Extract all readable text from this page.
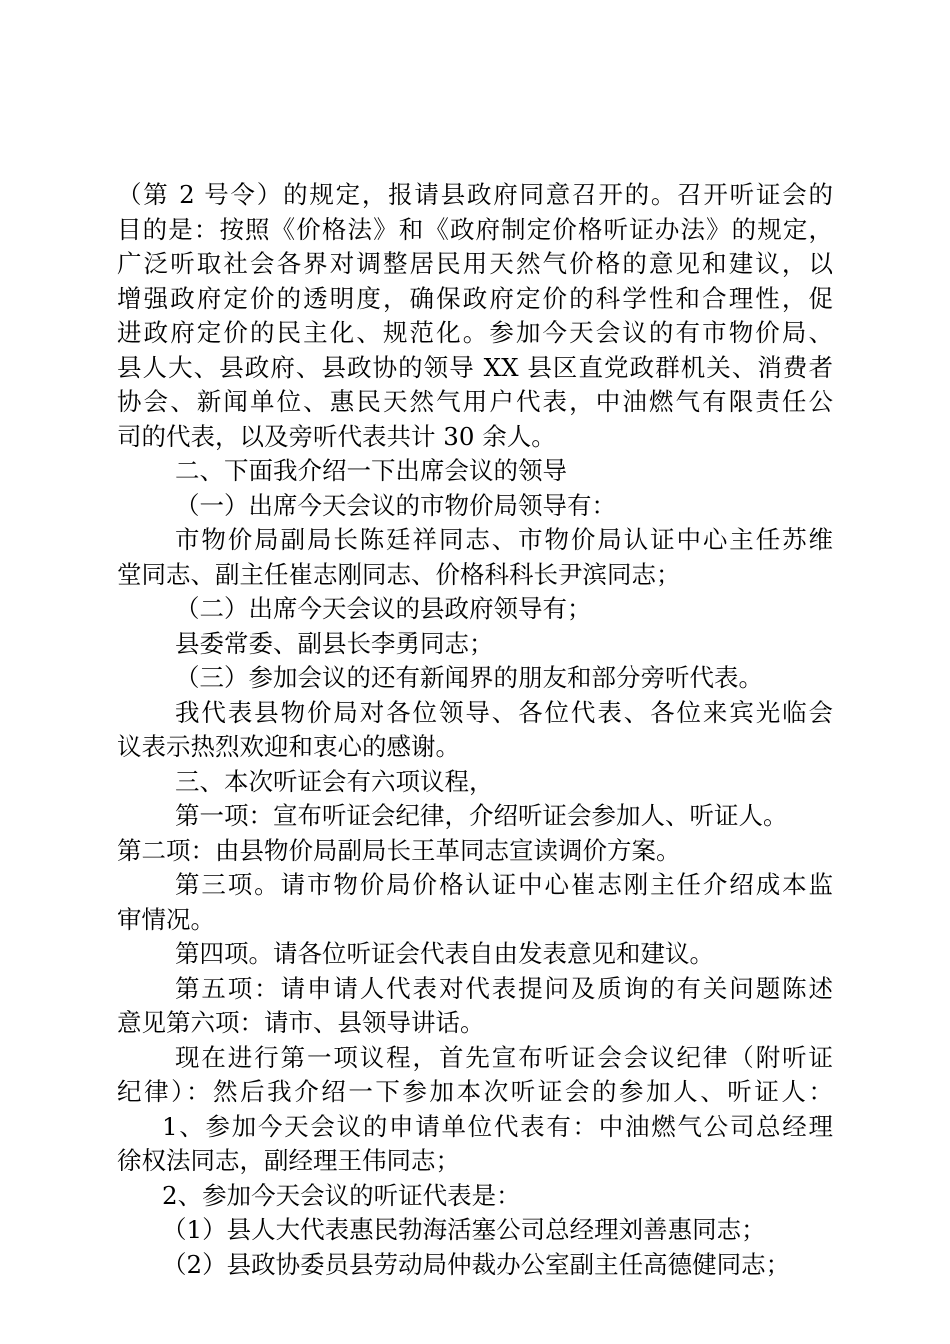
（第 2 号令）的规定，报请县政府同意召开的。召开听证会的
目的是：按照《价格法》和《政府制定价格听证办法》的规定，
广泛听取社会各界对调整居民用天然气价格的意见和建议，以
增强政府定价的透明度，确保政府定价的科学性和合理性，促
进政府定价的民主化、规范化。参加今天会议的有市物价局、
县人大、县政府、县政协的领导 XX 县区直党政群机关、消费者
协会、新闻单位、惠民天然气用户代表，中油燃气有限责任公
司的代表，以及旁听代表共计 30 余人。
二、下面我介绍一下出席会议的领导
（一）出席今天会议的市物价局领导有：
市物价局副局长陈廷祥同志、市物价局认证中心主任苏维
堂同志、副主任崔志刚同志、价格科科长尹滨同志；
（二）出席今天会议的县政府领导有；
县委常委、副县长李勇同志；
（三）参加会议的还有新闻界的朋友和部分旁听代表。
我代表县物价局对各位领导、各位代表、各位来宾光临会
议表示热烈欢迎和衷心的感谢。
三、本次听证会有六项议程，
第一项：宣布听证会纪律，介绍听证会参加人、听证人。
第二项：由县物价局副局长王革同志宣读调价方案。
第三项。请市物价局价格认证中心崔志刚主任介绍成本监
审情况。
第四项。请各位听证会代表自由发表意见和建议。
第五项：请申请人代表对代表提问及质询的有关问题陈述
意见第六项：请市、县领导讲话。
现在进行第一项议程，首先宣布听证会会议纪律（附听证
纪律）：然后我介绍一下参加本次听证会的参加人、听证人：
1、参加今天会议的申请单位代表有：中油燃气公司总经理
徐权法同志，副经理王伟同志；
2、参加今天会议的听证代表是：
（1）县人大代表惠民勃海活塞公司总经理刘善惠同志；
（2）县政协委员县劳动局仲裁办公室副主任高德健同志；
